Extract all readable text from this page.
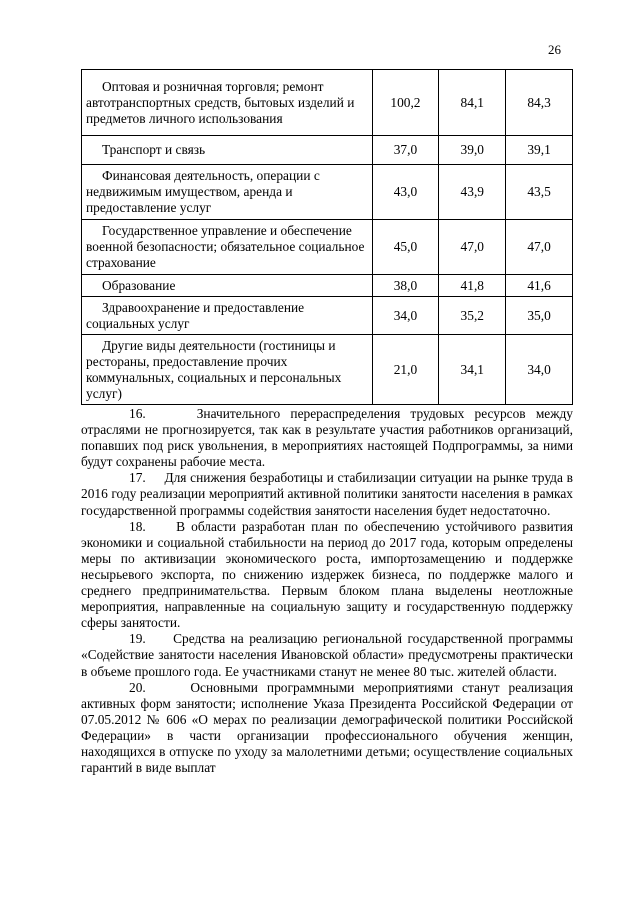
26
Оптовая и розничная торговля; ремонт автотранспортных средств, бытовых изделий и предметов личного использования	100,2	84,1	84,3
Транспорт и связь	37,0	39,0	39,1
Финансовая деятельность, операции с недвижимым имуществом, аренда и предоставление услуг	43,0	43,9	43,5
Государственное управление и обеспечение военной безопасности; обязательное социальное страхование	45,0	47,0	47,0
Образование	38,0	41,8	41,6
Здравоохранение и предоставление социальных услуг	34,0	35,2	35,0
Другие виды деятельности (гостиницы и рестораны, предоставление прочих коммунальных, социальных и персональных услуг)	21,0	34,1	34,0

16.     Значительного перераспределения трудовых ресурсов между отраслями не прогнозируется, так как в результате участия работников организаций, попавших под риск увольнения, в мероприятиях настоящей Подпрограммы, за ними будут сохранены рабочие места.

17.     Для снижения безработицы и стабилизации ситуации на рынке труда в 2016 году реализации мероприятий активной политики занятости населения в рамках государственной программы содействия занятости населения будет недостаточно.

18.     В области разработан план по обеспечению устойчивого развития экономики и социальной стабильности на период до 2017 года, которым определены меры по активизации экономического роста, импортозамещению и поддержке несырьевого экспорта, по снижению издержек бизнеса, по поддержке малого и среднего предпринимательства. Первым блоком плана выделены неотложные мероприятия, направленные на социальную защиту и государственную поддержку сферы занятости.

19.     Средства на реализацию региональной государственной программы «Содействие занятости населения Ивановской области» предусмотрены практически в объеме прошлого года. Ее участниками станут не менее 80 тыс. жителей области.

20.     Основными программными мероприятиями станут реализация активных форм занятости; исполнение Указа Президента Российской Федерации от 07.05.2012 № 606 «О мерах по реализации демографической политики Российской Федерации» в части организации профессионального обучения женщин, находящихся в отпуске по уходу за малолетними детьми; осуществление социальных гарантий в виде выплат
